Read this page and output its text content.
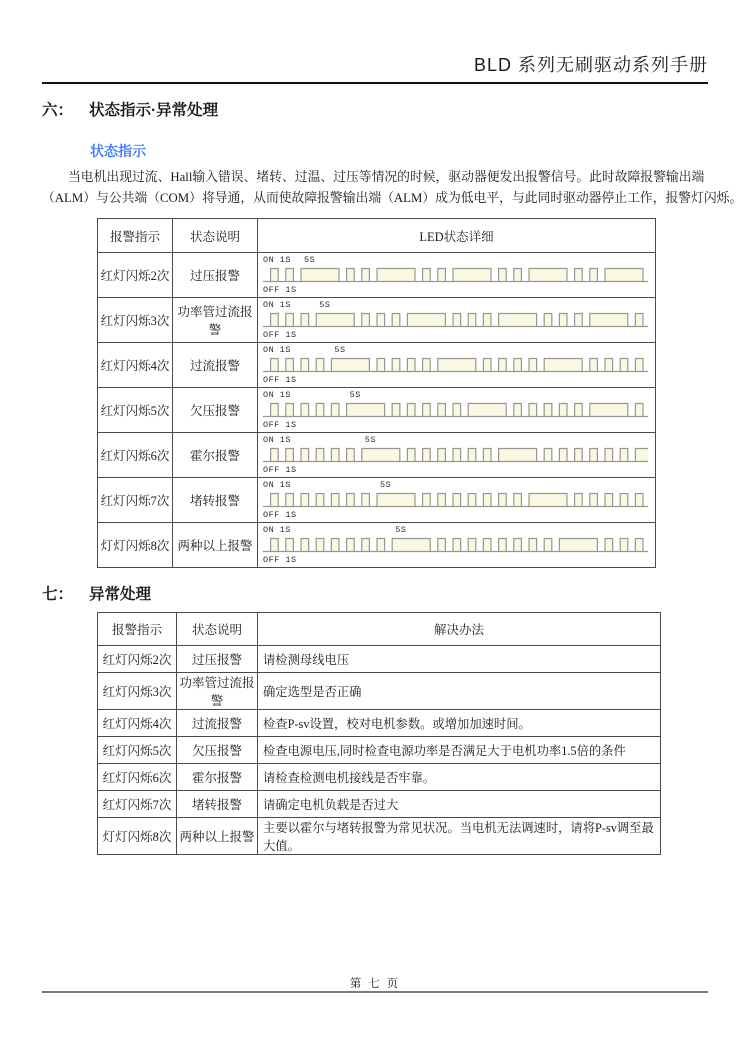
BLD 系列无刷驱动系列手册
六： 状态指示·异常处理
状态指示
当电机出现过流、Hall输入错误、堵转、过温、过压等情况的时候，驱动器便发出报警信号。此时故障报警输出端
（ALM）与公共端（COM）将导通，从而使故障报警输出端（ALM）成为低电平，与此同时驱动器停止工作，报警灯闪烁。
报警指示	状态说明	LED状态详细
红灯闪烁2次	过压报警	ON 1S 5S
OFF 1S

红灯闪烁3次	功率管过流报警	ON 1S 5S
OFF 1S

红灯闪烁4次	过流报警	ON 1S 5S
OFF 1S

红灯闪烁5次	欠压报警	ON 1S 5S
OFF 1S

红灯闪烁6次	霍尔报警	ON 1S 5S
OFF 1S

红灯闪烁7次	堵转报警	ON 1S 5S
OFF 1S

灯灯闪烁8次	两种以上报警	ON 1S 5S
OFF 1S
七： 异常处理
报警指示	状态说明	解决办法
红灯闪烁2次	过压报警	请检测母线电压
红灯闪烁3次	功率管过流报警	确定选型是否正确
红灯闪烁4次	过流报警	检查P-sv设置，校对电机参数。或增加加速时间。
红灯闪烁5次	欠压报警	检查电源电压,同时检查电源功率是否满足大于电机功率1.5倍的条件
红灯闪烁6次	霍尔报警	请检查检测电机接线是否牢靠。
红灯闪烁7次	堵转报警	请确定电机负载是否过大
灯灯闪烁8次	两种以上报警	主要以霍尔与堵转报警为常见状况。当电机无法调速时，请将P-sv调至最大值。
第 七 页
